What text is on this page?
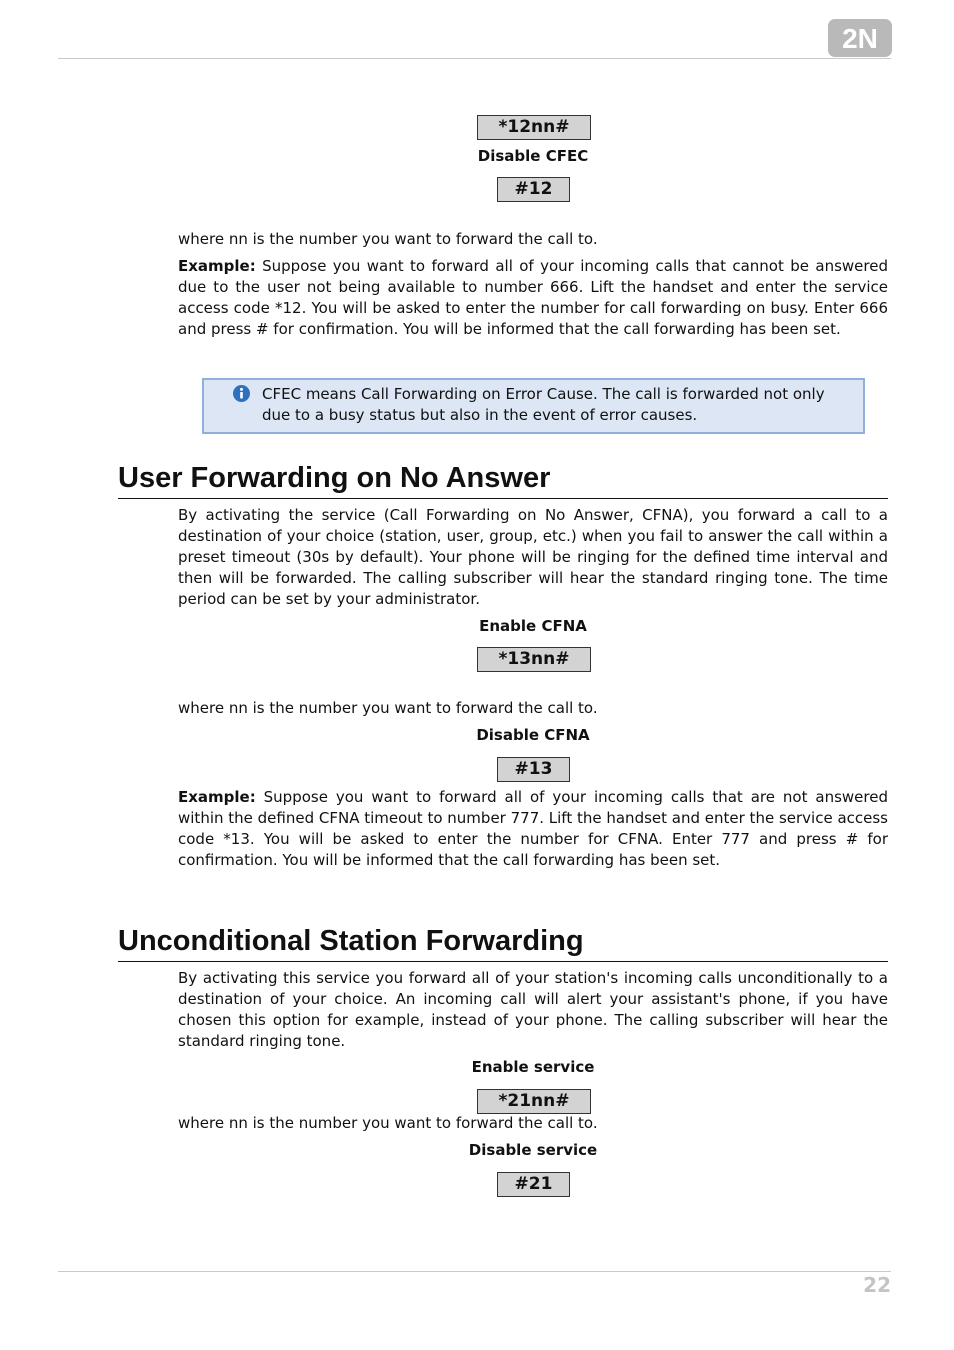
2N
*12nn#
Disable CFEC
#12
where nn is the number you want to forward the call to.
Example: Suppose you want to forward all of your incoming calls that cannot be answered due to the user not being available to number 666. Lift the handset and enter the service access code *12. You will be asked to enter the number for call forwarding on busy. Enter 666 and press # for confirmation. You will be informed that the call forwarding has been set.
CFEC means Call Forwarding on Error Cause. The call is forwarded not only due to a busy status but also in the event of error causes.
User Forwarding on No Answer
By activating the service (Call Forwarding on No Answer, CFNA), you forward a call to a destination of your choice (station, user, group, etc.) when you fail to answer the call within a preset timeout (30s by default). Your phone will be ringing for the defined time interval and then will be forwarded. The calling subscriber will hear the standard ringing tone. The time period can be set by your administrator.
Enable CFNA
*13nn#
where nn is the number you want to forward the call to.
Disable CFNA
#13
Example: Suppose you want to forward all of your incoming calls that are not answered within the defined CFNA timeout to number 777. Lift the handset and enter the service access code *13. You will be asked to enter the number for CFNA. Enter 777 and press # for confirmation. You will be informed that the call forwarding has been set.
Unconditional Station Forwarding
By activating this service you forward all of your station's incoming calls unconditionally to a destination of your choice. An incoming call will alert your assistant's phone, if you have chosen this option for example, instead of your phone. The calling subscriber will hear the standard ringing tone.
Enable service
*21nn#
where nn is the number you want to forward the call to.
Disable service
#21
22
